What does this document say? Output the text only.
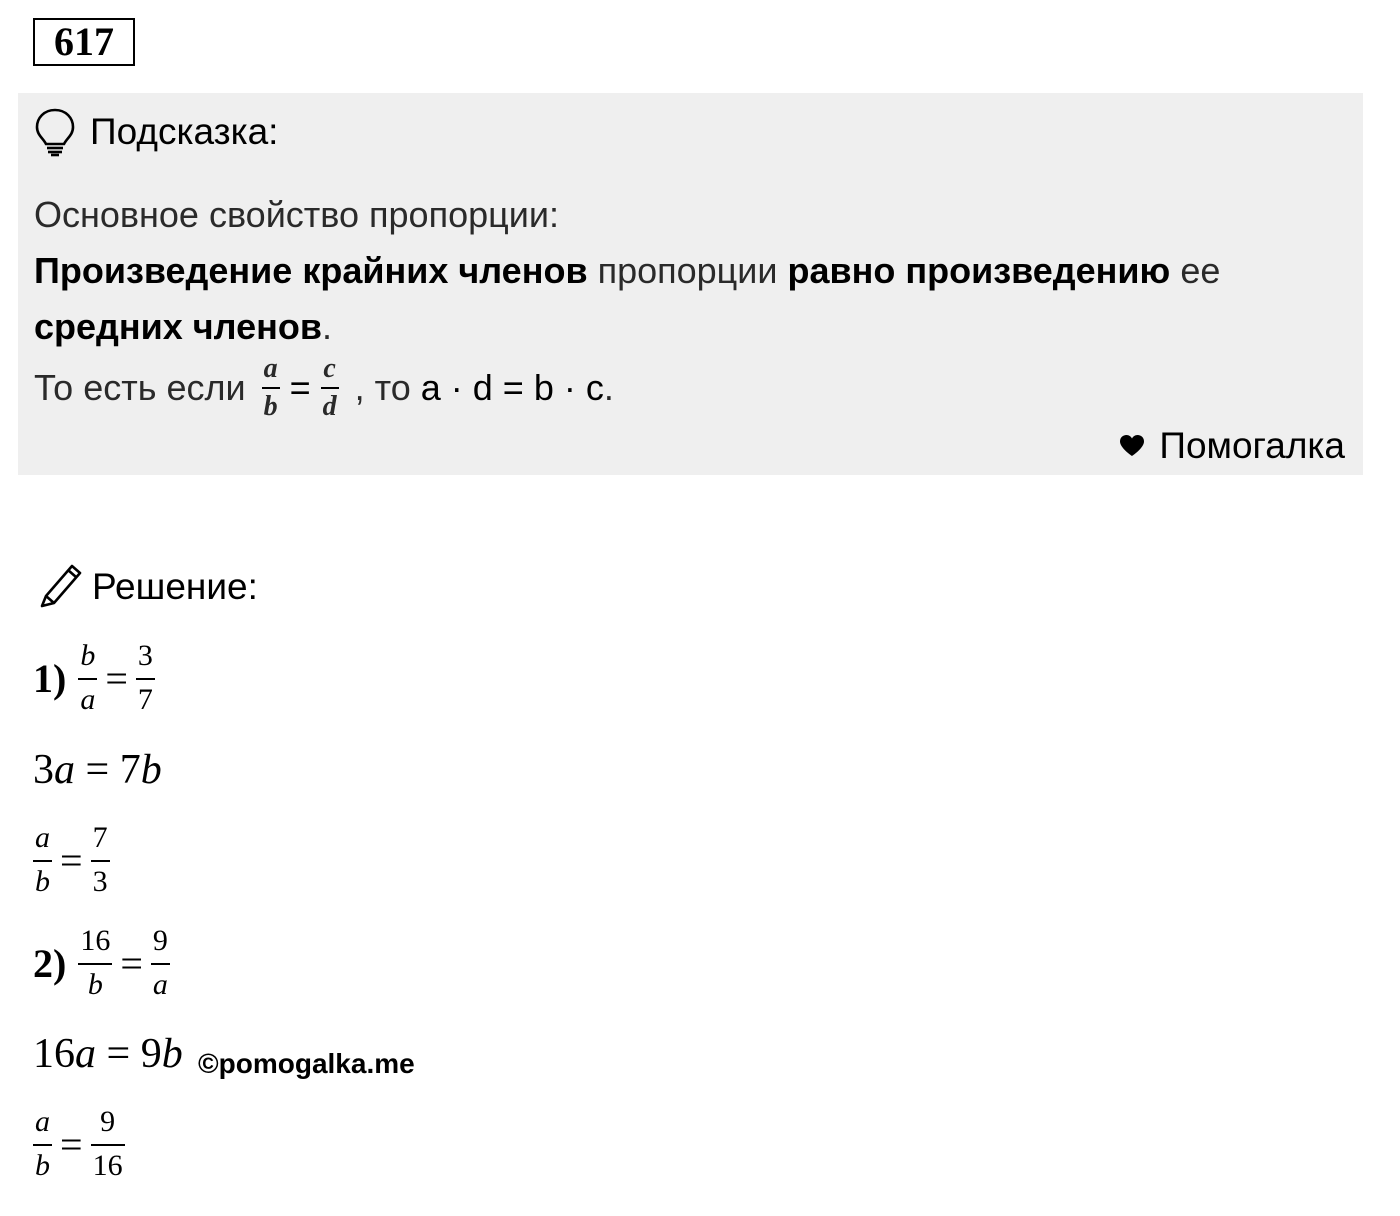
617
Подсказка:
Основное свойство пропорции:
Произведение крайних членов пропорции равно произведению ее
средних членов.
То есть если $\frac{a}{b} = \frac{c}{d}$ , то a · d = b · c .
Помогалка
Решение:
$1) \frac{b}{a} = \frac{3}{7}$
3 a = 7 b
$\frac{a}{b} = \frac{7}{3}$
$2) \frac{16}{b} = \frac{9}{a}$
16 a = 9 b ©pomogalka.me
$\frac{a}{b} = \frac{9}{16}$
